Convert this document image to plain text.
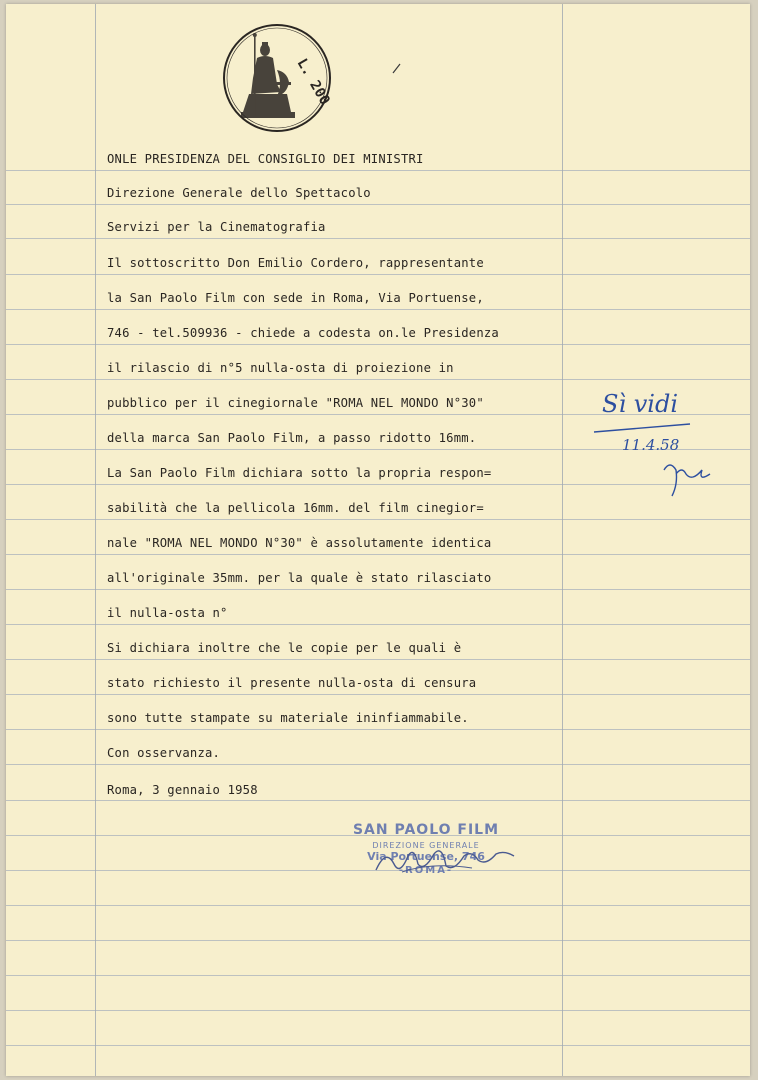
L. 200
ONLE PRESIDENZA DEL CONSIGLIO DEI MINISTRI
Direzione Generale dello Spettacolo
Servizi per la Cinematografia
Il sottoscritto Don Emilio Cordero, rappresentante
la San Paolo Film con sede in Roma, Via Portuense,
746 - tel.509936 - chiede a codesta on.le Presidenza
il rilascio di n°5 nulla-osta di proiezione in
pubblico per il cinegiornale "ROMA NEL MONDO N°30"
della marca San Paolo Film, a passo ridotto 16mm.
La San Paolo Film dichiara sotto la propria respon=
sabilità che la pellicola 16mm. del film cinegior=
nale "ROMA NEL MONDO N°30" è assolutamente identica
all'originale 35mm. per la quale è stato rilasciato
il nulla-osta n°
Si dichiara inoltre che le copie per le quali è
stato richiesto il presente nulla-osta di censura
sono tutte stampate su materiale ininfiammabile.
Con osservanza.
Roma, 3 gennaio 1958
SAN PAOLO FILM
DIREZIONE GENERALE
Via Portuense, 746
-ROMA-
Sì vidi
11.4.58
